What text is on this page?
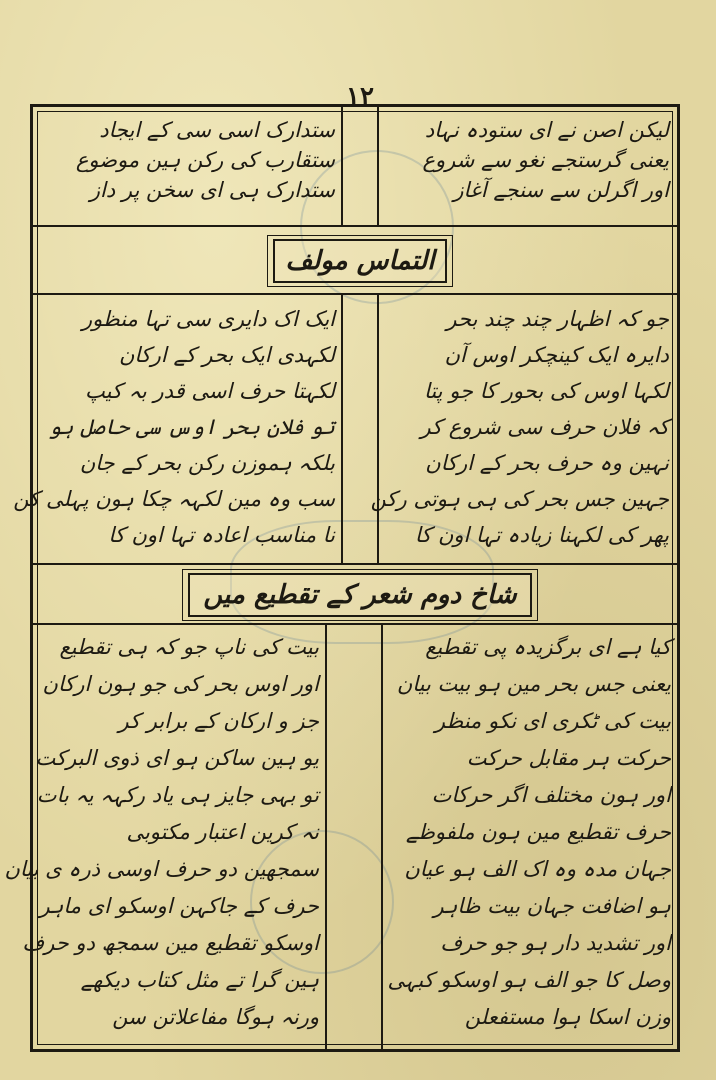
١٢
لیکن اصن نے ای ستودہ نہاد
یعنی گرستجے نغو سے شروع
اور اگرلن سے سنجے آغاز
ستدارک اسی سی کے ایجاد
ستقارب کی رکن ہین موضوع
ستدارک ہی ای سخن پر داز
التماس مولف
جو کہ اظہار چند چند بحر
دایرہ ایک کینچکر اوس آن
لکہا اوس کی بحور کا جو پتا
کہ فلان حرف سی شروع کر
نہین وہ حرف بحر کے ارکان
جہین جس بحر کی ہی ہوتی رکن
پھر کی لکہنا زیادہ تہا اون کا
ایک اک دایری سی تہا منظور
لکہدی ایک بحر کے ارکان
لکہتا حرف اسی قدر بہ کیپ
تو فلان بحر اوس سی حاصل ہو
بلکہ ہموزن رکن بحر کے جان
سب وہ مین لکہہ چکا ہون پہلی کن
نا مناسب اعادہ تہا اون کا
شاخ دوم شعر کے تقطیع میں
کیا ہے ای برگزیدہ پی تقطیع
یعنی جس بحر مین ہو بیت بیان
بیت کی ٹکری ای نکو منظر
حرکت ہر مقابل حرکت
اور ہون مختلف اگر حرکات
حرف تقطیع مین ہون ملفوظے
جہان مدہ وہ اک الف ہو عیان
ہو اضافت جہان بیت ظاہر
اور تشدید دار ہو جو حرف
وصل کا جو الف ہو اوسکو کبہی
وزن اسکا ہوا مستفعلن
بیت کی ناپ جو کہ ہی تقطیع
اور اوس بحر کی جو ہون ارکان
جز و ارکان کے برابر کر
یو ہین ساکن ہو ای ذوی البرکت
تو بہی جایز ہی یاد رکہہ یہ بات
نہ کرین اعتبار مکتوبی
سمجھین دو حرف اوسی ذرہ ی بیان
حرف کے جاکہن اوسکو ای ماہر
اوسکو تقطیع مین سمجھ دو حرف
ہین گرا تے مثل کتاب دیکھے
ورنہ ہوگا مفاعلاتن سن
